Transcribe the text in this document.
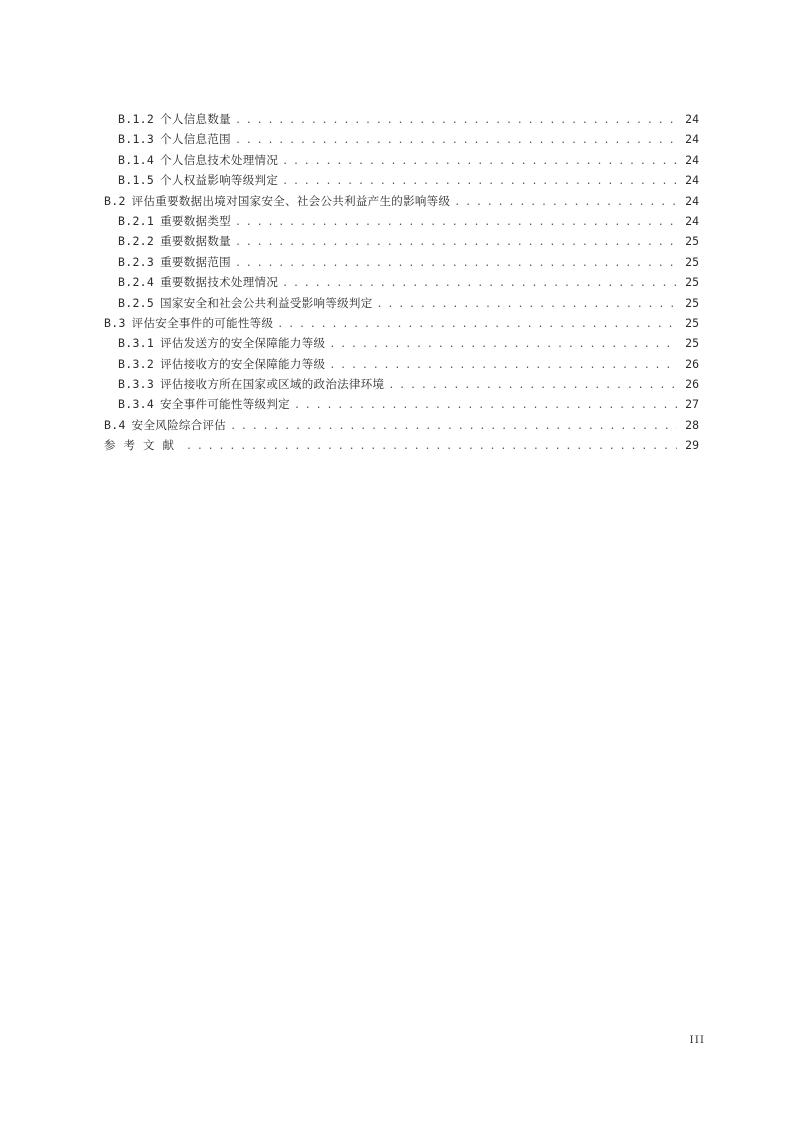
B.1.2 个人信息数量 . . .	24
B.1.3 个人信息范围 . . .	24
B.1.4 个人信息技术处理情况 . . .	24
B.1.5 个人权益影响等级判定 . . .	24
B.2 评估重要数据出境对国家安全、社会公共利益产生的影响等级 . . .	24
B.2.1 重要数据类型 . . .	24
B.2.2 重要数据数量 . . .	25
B.2.3 重要数据范围 . . .	25
B.2.4 重要数据技术处理情况 . . .	25
B.2.5 国家安全和社会公共利益受影响等级判定 . . .	25
B.3 评估安全事件的可能性等级 . . .	25
B.3.1 评估发送方的安全保障能力等级 . . .	25
B.3.2 评估接收方的安全保障能力等级 . . .	26
B.3.3 评估接收方所在国家或区域的政治法律环境 . . .	26
B.3.4 安全事件可能性等级判定 . . .	27
B.4 安全风险综合评估 . . .	28
参考文献 . . .	29
III
